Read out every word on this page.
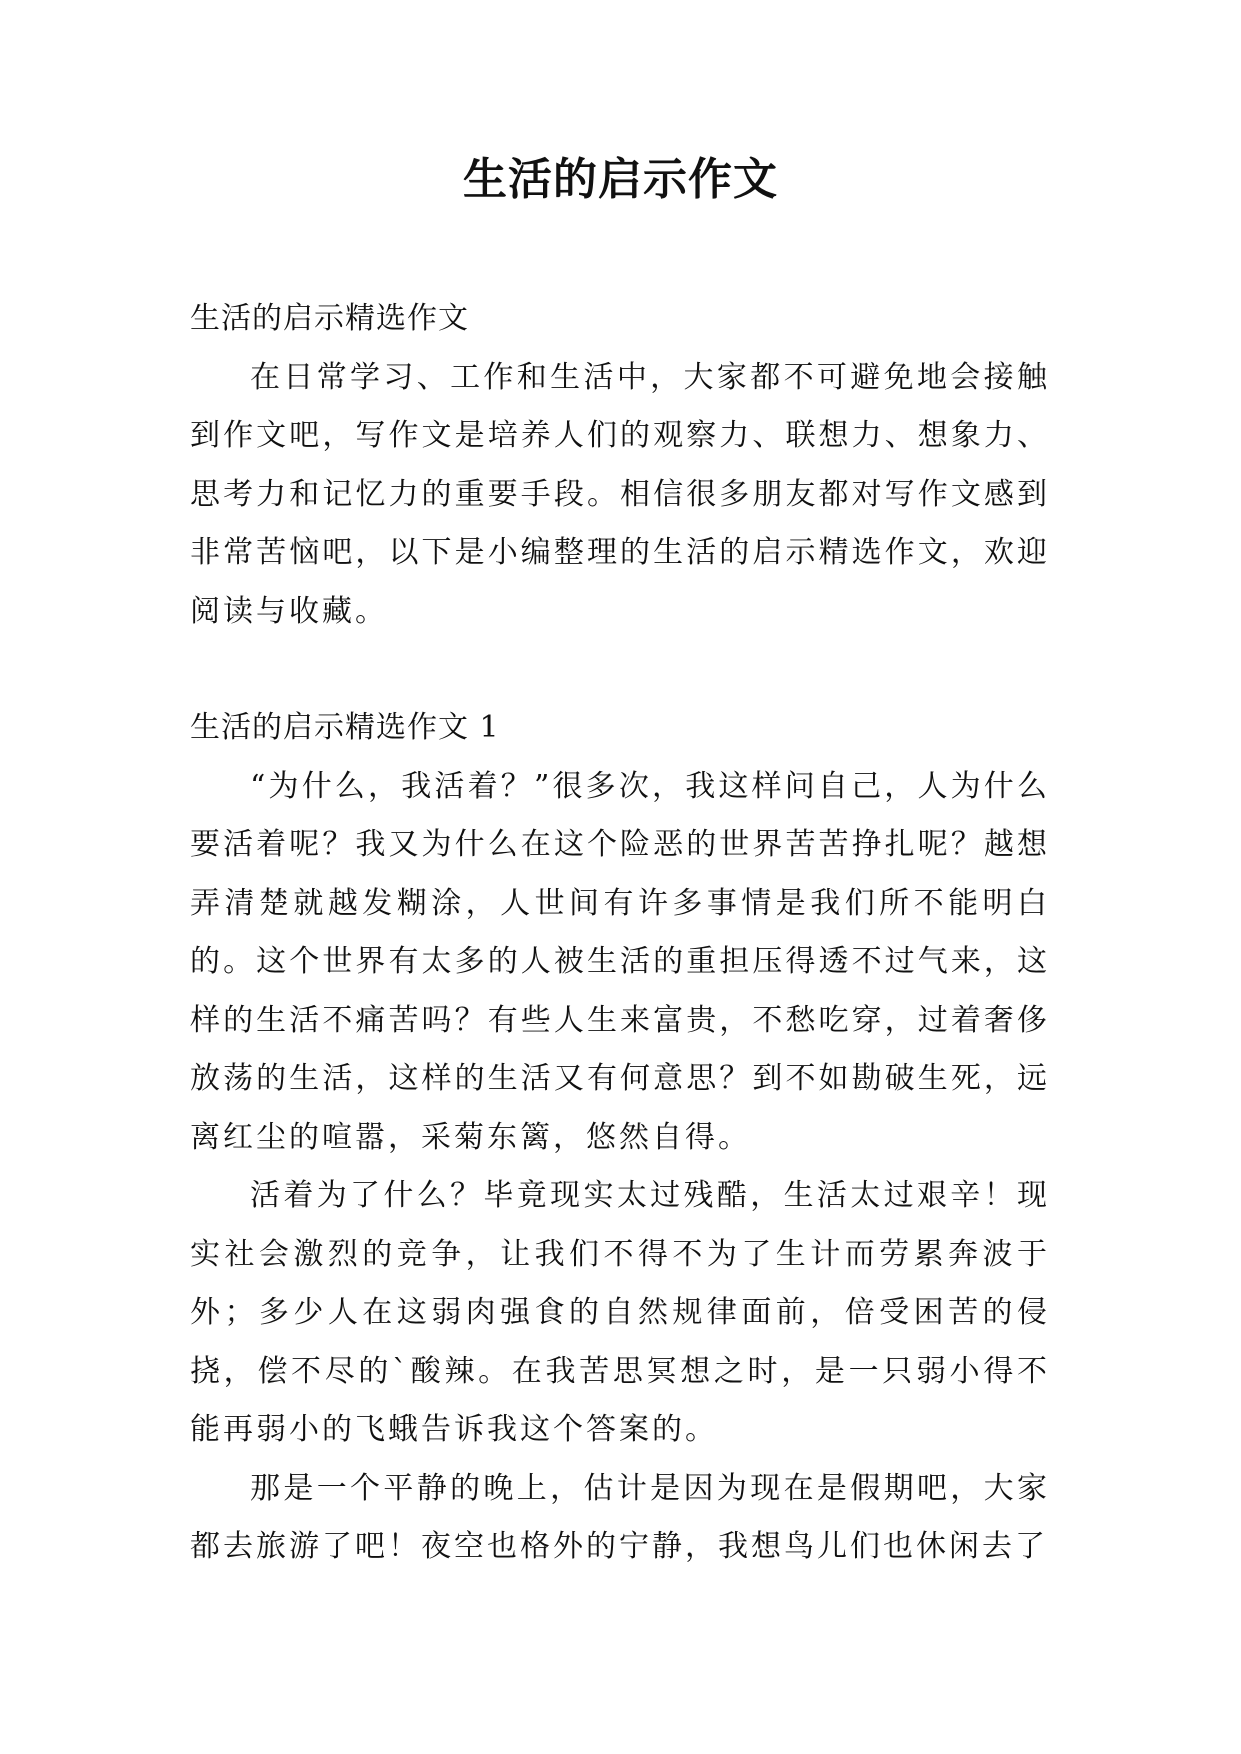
生活的启示作文

生活的启示精选作文

在日常学习、工作和生活中，大家都不可避免地会接触到作文吧，写作文是培养人们的观察力、联想力、想象力、思考力和记忆力的重要手段。相信很多朋友都对写作文感到非常苦恼吧，以下是小编整理的生活的启示精选作文，欢迎阅读与收藏。

生活的启示精选作文 1

“为什么，我活着？”很多次，我这样问自己，人为什么要活着呢？我又为什么在这个险恶的世界苦苦挣扎呢？越想弄清楚就越发糊涂，人世间有许多事情是我们所不能明白的。这个世界有太多的人被生活的重担压得透不过气来，这样的生活不痛苦吗？有些人生来富贵，不愁吃穿，过着奢侈放荡的生活，这样的生活又有何意思？到不如勘破生死，远离红尘的喧嚣，采菊东篱，悠然自得。

活着为了什么？毕竟现实太过残酷，生活太过艰辛！现实社会激烈的竞争，让我们不得不为了生计而劳累奔波于外；多少人在这弱肉强食的自然规律面前，倍受困苦的侵挠，偿不尽的`酸辣。在我苦思冥想之时，是一只弱小得不能再弱小的飞蛾告诉我这个答案的。

那是一个平静的晚上，估计是因为现在是假期吧，大家都去旅游了吧！夜空也格外的宁静，我想鸟儿们也休闲去了
